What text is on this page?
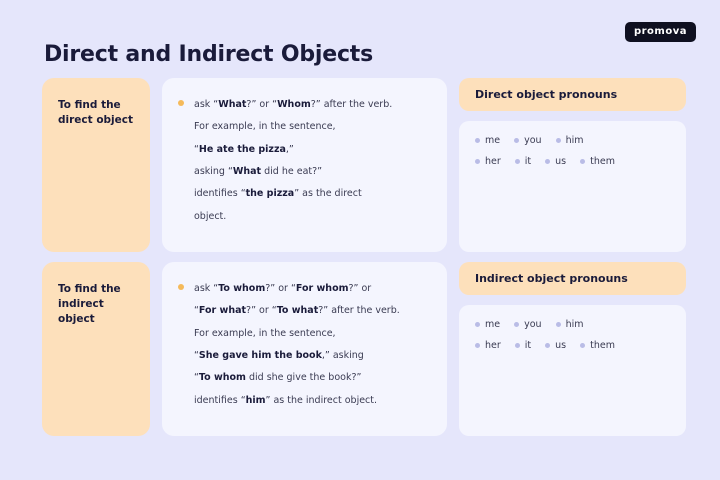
promova
Direct and Indirect Objects
To find the direct object
ask “What?” or “Whom?” after the verb.
For example, in the sentence,
“He ate the pizza,”
asking “What did he eat?”
identifies “the pizza” as the direct
object.
Direct object pronouns
me	you	him
her	it	us	them
To find the indirect object
ask “To whom?” or “For whom?” or
“For what?” or “To what?” after the verb.
For example, in the sentence,
“She gave him the book,” asking
“To whom did she give the book?”
identifies “him” as the indirect object.
Indirect object pronouns
me	you	him
her	it	us	them
